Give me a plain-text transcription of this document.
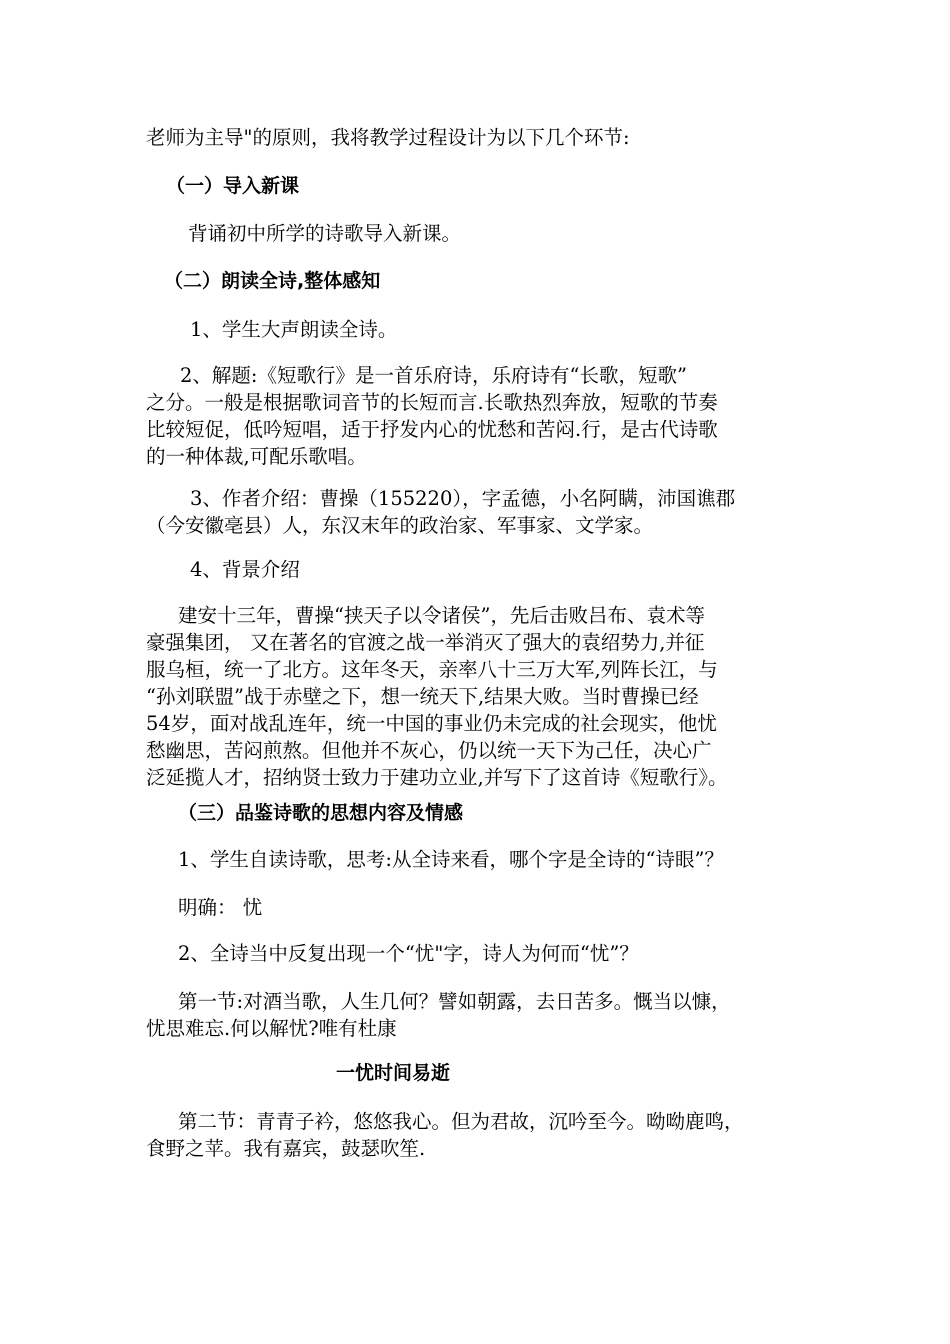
老师为主导"的原则，我将教学过程设计为以下几个环节:
（一）导入新课
背诵初中所学的诗歌导入新课。
（二）朗读全诗,整体感知
1、学生大声朗读全诗。
2、解题:《短歌行》是一首乐府诗，乐府诗有“长歌，短歌”
之分。一般是根据歌词音节的长短而言.长歌热烈奔放，短歌的节奏
比较短促，低吟短唱，适于抒发内心的忧愁和苦闷.行，是古代诗歌
的一种体裁,可配乐歌唱。
3、作者介绍：曹操（155220），字孟德，小名阿瞒，沛国谯郡
（今安徽亳县）人，东汉末年的政治家、军事家、文学家。
4、背景介绍
建安十三年，曹操“挟天子以令诸侯”，先后击败吕布、袁术等
豪强集团， 又在著名的官渡之战一举消灭了强大的袁绍势力,并征
服乌桓，统一了北方。这年冬天，亲率八十三万大军,列阵长江，与
“孙刘联盟”战于赤壁之下，想一统天下,结果大败。当时曹操已经
54岁，面对战乱连年，统一中国的事业仍未完成的社会现实，他忧
愁幽思，苦闷煎熬。但他并不灰心，仍以统一天下为己任，决心广
泛延揽人才，招纳贤士致力于建功立业,并写下了这首诗《短歌行》。
（三）品鉴诗歌的思想内容及情感
1、学生自读诗歌，思考:从全诗来看，哪个字是全诗的“诗眼”？
明确： 忧
2、全诗当中反复出现一个“忧"字，诗人为何而“忧”？
第一节:对酒当歌，人生几何？譬如朝露，去日苦多。慨当以慷，
忧思难忘.何以解忧?唯有杜康
一忧时间易逝
第二节：青青子衿，悠悠我心。但为君故，沉吟至今。呦呦鹿鸣，
食野之苹。我有嘉宾，鼓瑟吹笙.
